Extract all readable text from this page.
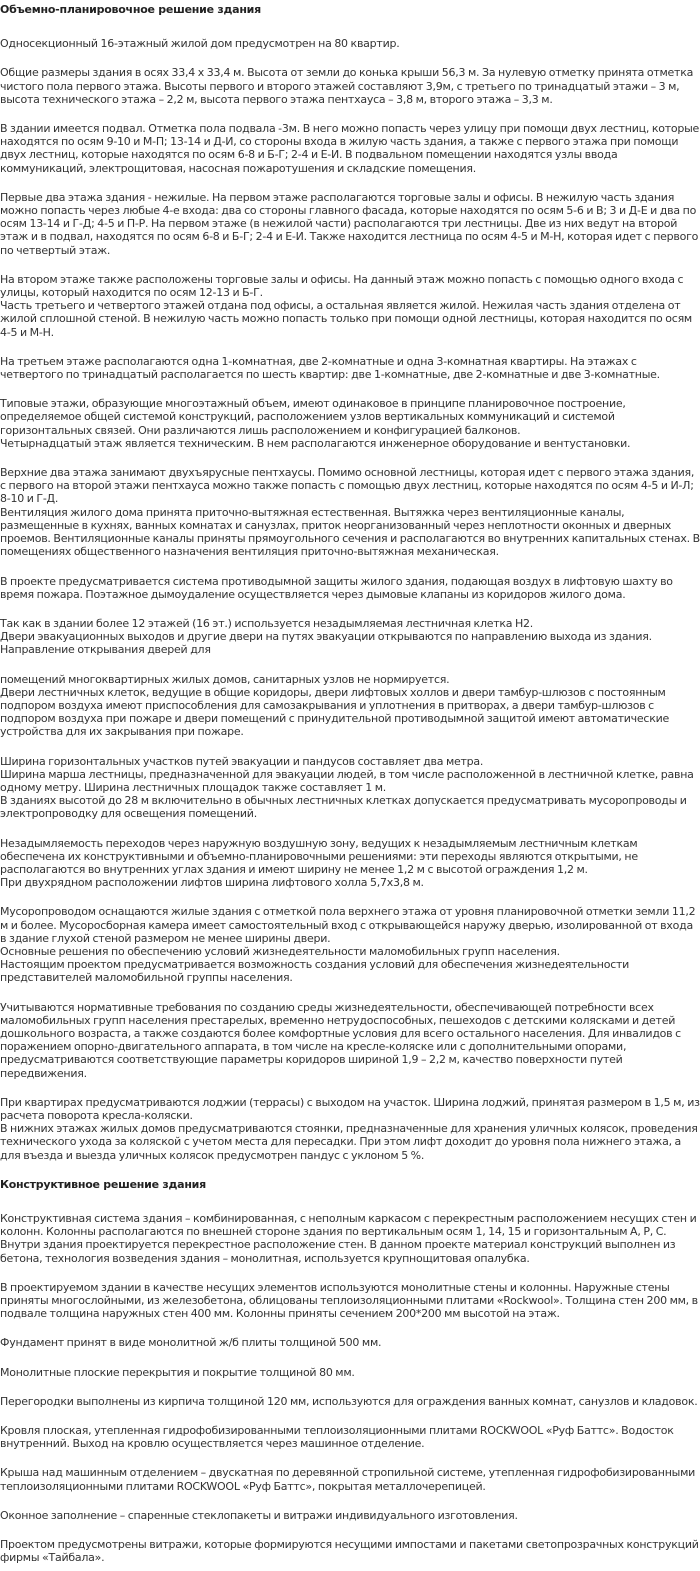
Объемно-планировочное решение здания

Односекционный 16-этажный жилой дом предусмотрен на 80 квартир.

Общие размеры здания в осях 33,4 х 33,4 м. Высота от земли до конька крыши 56,3 м. За нулевую отметку принята отметка чистого пола первого этажа. Высоты первого и второго этажей составляют 3,9м, с третьего по тринадцатый этажи – 3 м, высота технического этажа – 2,2 м, высота первого этажа пентхауса – 3,8 м, второго этажа – 3,3 м.

В здании имеется подвал. Отметка пола подвала -3м. В него можно попасть через улицу при помощи двух лестниц, которые находятся по осям 9-10 и М-П; 13-14 и Д-И, со стороны входа в жилую часть здания, а также с первого этажа при помощи двух лестниц, которые находятся по осям 6-8 и Б-Г; 2-4 и Е-И. В подвальном помещении находятся узлы ввода коммуникаций, электрощитовая, насосная пожаротушения и складские помещения.

Первые два этажа здания - нежилые. На первом этаже располагаются торговые залы и офисы. В нежилую часть здания можно попасть через любые 4-е входа: два со стороны главного фасада, которые находятся по осям 5-6 и В; 3 и Д-Е и два по осям 13-14 и Г-Д; 4-5 и П-Р. На первом этаже (в нежилой части) располагаются три лестницы. Две из них ведут на второй этаж и в подвал, находятся по осям 6-8 и Б-Г; 2-4 и Е-И. Также находится лестница по осям 4-5 и М-Н, которая идет с первого по четвертый этаж.

На втором этаже также расположены торговые залы и офисы. На данный этаж можно попасть с помощью одного входа с улицы, который находится по осям 12-13 и Б-Г.
Часть третьего и четвертого этажей отдана под офисы, а остальная является жилой. Нежилая часть здания отделена от жилой сплошной стеной. В нежилую часть можно попасть только при помощи одной лестницы, которая находится по осям 4-5 и М-Н.

На третьем этаже располагаются одна 1-комнатная, две 2-комнатные и одна 3-комнатная квартиры. На этажах с четвертого по тринадцатый располагается по шесть квартир: две 1-комнатные, две 2-комнатные и две 3-комнатные.

Типовые этажи, образующие многоэтажный объем, имеют одинаковое в принципе планировочное построение, определяемое общей системой конструкций, расположением узлов вертикальных коммуникаций и системой горизонтальных связей. Они различаются лишь расположением и конфигурацией балконов.
Четырнадцатый этаж является техническим. В нем располагаются инженерное оборудование и вентустановки.

Верхние два этажа занимают двухъярусные пентхаусы. Помимо основной лестницы, которая идет с первого этажа здания, с первого на второй этажи пентхауса можно также попасть с помощью двух лестниц, которые находятся по осям 4-5 и И-Л; 8-10 и Г-Д.
Вентиляция жилого дома принята приточно-вытяжная естественная. Вытяжка через вентиляционные каналы, размещенные в кухнях, ванных комнатах и санузлах, приток неорганизованный через неплотности оконных и дверных проемов. Вентиляционные каналы приняты прямоугольного сечения и располагаются во внутренних капитальных стенах. В помещениях общественного назначения вентиляция приточно-вытяжная механическая.

В проекте предусматривается система противодымной защиты жилого здания, подающая воздух в лифтовую шахту во время пожара. Поэтажное дымоудаление осуществляется через дымовые клапаны из коридоров жилого дома.

Так как в здании более 12 этажей (16 эт.) используется незадымляемая лестничная клетка Н2.
Двери эвакуационных выходов и другие двери на путях эвакуации открываются по направлению выхода из здания.
Направление открывания дверей для

помещений многоквартирных жилых домов, санитарных узлов не нормируется.
Двери лестничных клеток, ведущие в общие коридоры, двери лифтовых холлов и двери тамбур-шлюзов с постоянным подпором воздуха имеют приспособления для самозакрывания и уплотнения в притворах, а двери тамбур-шлюзов с подпором воздуха при пожаре и двери помещений с принудительной противодымной защитой имеют автоматические устройства для их закрывания при пожаре.

Ширина горизонтальных участков путей эвакуации и пандусов составляет два метра.
Ширина марша лестницы, предназначенной для эвакуации людей, в том числе расположенной в лестничной клетке, равна одному метру. Ширина лестничных площадок также составляет 1 м.
В зданиях высотой до 28 м включительно в обычных лестничных клетках допускается предусматривать мусоропроводы и электропроводку для освещения помещений.

Незадымляемость переходов через наружную воздушную зону, ведущих к незадымляемым лестничным клеткам обеспечена их конструктивными и объемно-планировочными решениями: эти переходы являются открытыми, не располагаются во внутренних углах здания и имеют ширину не менее 1,2 м с высотой ограждения 1,2 м.
При двухрядном расположении лифтов ширина лифтового холла 5,7х3,8 м.

Мусоропроводом оснащаются жилые здания с отметкой пола верхнего этажа от уровня планировочной отметки земли 11,2 м и более. Мусоросборная камера имеет самостоятельный вход с открывающейся наружу дверью, изолированной от входа в здание глухой стеной размером не менее ширины двери.
Основные решения по обеспечению условий жизнедеятельности маломобильных групп населения.
Настоящим проектом предусматривается возможность создания условий для обеспечения жизнедеятельности представителей маломобильной группы населения.

Учитываются нормативные требования по созданию среды жизнедеятельности, обеспечивающей потребности всех маломобильных групп населения престарелых, временно нетрудоспособных, пешеходов с детскими колясками и детей дошкольного возраста, а также создаются более комфортные условия для всего остального населения. Для инвалидов с поражением опорно-двигательного аппарата, в том числе на кресле-коляске или с дополнительными опорами, предусматриваются соответствующие параметры коридоров шириной 1,9 – 2,2 м, качество поверхности путей передвижения.

При квартирах предусматриваются лоджии (террасы) с выходом на участок. Ширина лоджий, принятая размером в 1,5 м, из расчета поворота кресла-коляски.
В нижних этажах жилых домов предусматриваются стоянки, предназначенные для хранения уличных колясок, проведения технического ухода за коляской с учетом места для пересадки. При этом лифт доходит до уровня пола нижнего этажа, а для въезда и выезда уличных колясок предусмотрен пандус с уклоном 5 %.

Конструктивное решение здания

Конструктивная система здания – комбинированная, с неполным каркасом с перекрестным расположением несущих стен и колонн. Колонны располагаются по внешней стороне здания по вертикальным осям 1, 14, 15 и горизонтальным А, Р, С. Внутри здания проектируется перекрестное расположение стен. В данном проекте материал конструкций выполнен из бетона, технология возведения здания – монолитная, используется крупнощитовая опалубка.

В проектируемом здании в качестве несущих элементов используются монолитные стены и колонны. Наружные стены приняты многослойными, из железобетона, облицованы теплоизоляционными плитами «Rockwool». Толщина стен 200 мм, в подвале толщина наружных стен 400 мм. Колонны приняты сечением 200*200 мм высотой на этаж.

Фундамент принят в виде монолитной ж/б плиты толщиной 500 мм.

Монолитные плоские перекрытия и покрытие толщиной 80 мм.

Перегородки выполнены из кирпича толщиной 120 мм, используются для ограждения ванных комнат, санузлов и кладовок.

Кровля плоская, утепленная гидрофобизированными теплоизоляционными плитами ROCKWOOL «Руф Баттс». Водосток внутренний. Выход на кровлю осуществляется через машинное отделение.

Крыша над машинным отделением – двускатная по деревянной стропильной системе, утепленная гидрофобизированными теплоизоляционными плитами ROCKWOOL «Руф Баттс», покрытая металлочерепицей.

Оконное заполнение – спаренные стеклопакеты и витражи индивидуального изготовления.

Проектом предусмотрены витражи, которые формируются несущими импостами и пакетами светопрозрачных конструкций фирмы «Тайбала».
